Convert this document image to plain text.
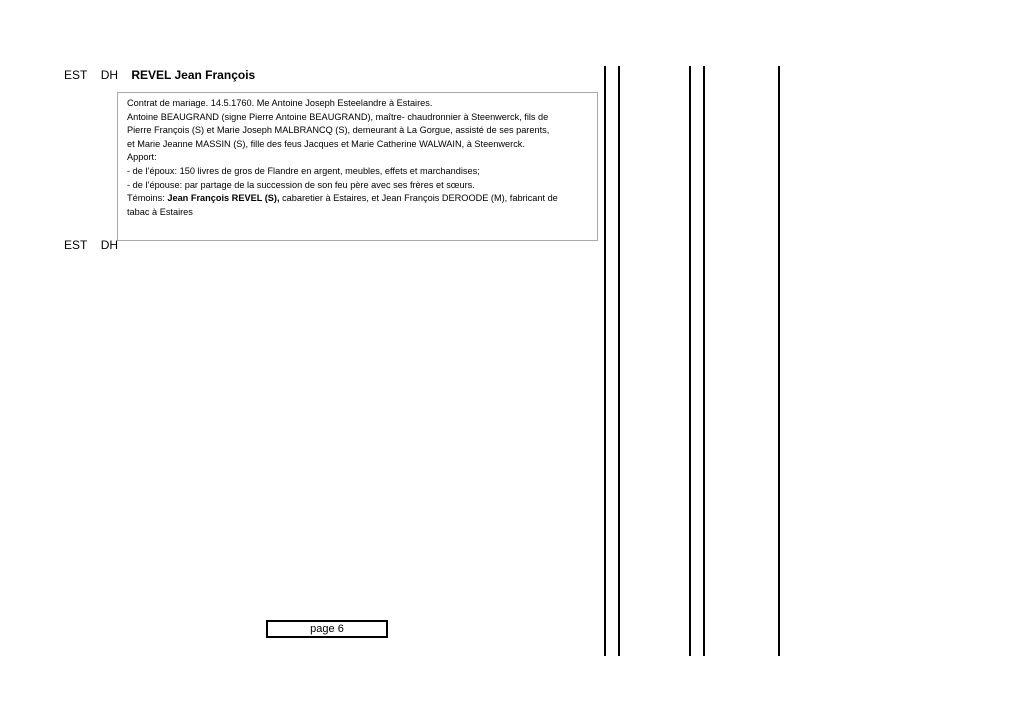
EST DH REVEL Jean François

Contrat de mariage. 14.5.1760. Me Antoine Joseph Esteelandre à Estaires.

Antoine BEAUGRAND (signe Pierre Antoine BEAUGRAND), maître- chaudronnier à Steenwerck, fils de

Pierre François (S) et Marie Joseph MALBRANCQ (S), demeurant à La Gorgue, assisté de ses parents,

et Marie Jeanne MASSIN (S), fille des feus Jacques et Marie Catherine WALWAIN, à Steenwerck.

Apport:

- de l’époux: 150 livres de gros de Flandre en argent, meubles, effets et marchandises;

- de l’épouse: par partage de la succession de son feu père avec ses frères et sœurs.

Témoins: Jean François REVEL (S), cabaretier à Estaires, et Jean François DEROODE (M), fabricant de

tabac à Estaires

EST DH
page 6
